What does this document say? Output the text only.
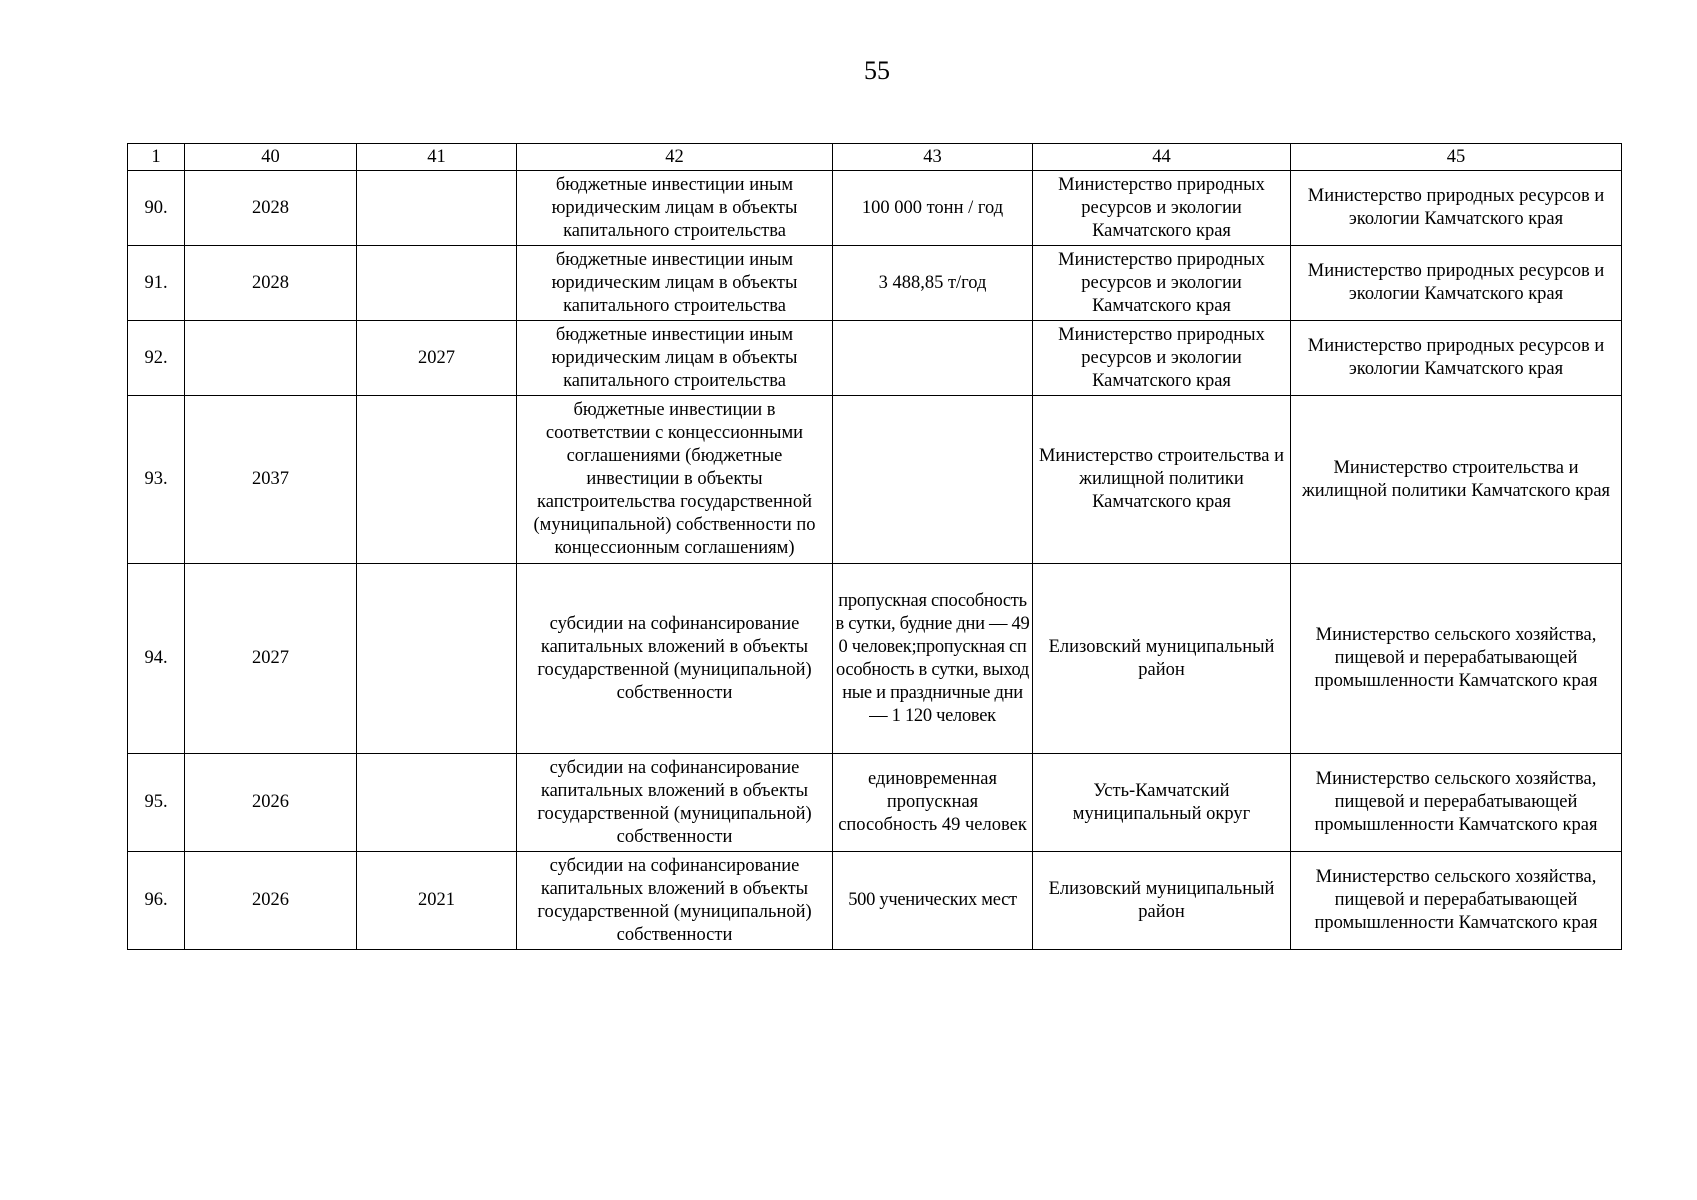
55
1	40	41	42	43	44	45
90.	2028		бюджетные инвестиции иным юридическим лицам в объекты капитального строительства	100 000 тонн / год	Министерство природных ресурсов и экологии Камчатского края	Министерство природных ресурсов и экологии Камчатского края
91.	2028		бюджетные инвестиции иным юридическим лицам в объекты капитального строительства	3 488,85 т/год	Министерство природных ресурсов и экологии Камчатского края	Министерство природных ресурсов и экологии Камчатского края
92.		2027	бюджетные инвестиции иным юридическим лицам в объекты капитального строительства		Министерство природных ресурсов и экологии Камчатского края	Министерство природных ресурсов и экологии Камчатского края
93.	2037		бюджетные инвестиции в соответствии с концессионными соглашениями (бюджетные инвестиции в объекты капстроительства государственной (муниципальной) собственности по концессионным соглашениям)		Министерство строительства и жилищной политики Камчатского края	Министерство строительства и жилищной политики Камчатского края
94.	2027		субсидии на софинансирование капитальных вложений в объекты государственной (муниципальной) собственности	пропускная способность в сутки, будние дни — 490 человек;пропускная способность в сутки, выходные и праздничные дни — 1 120 человек	Елизовский муниципальный район	Министерство сельского хозяйства, пищевой и перерабатывающей промышленности Камчатского края
95.	2026		субсидии на софинансирование капитальных вложений в объекты государственной (муниципальной) собственности	единовременная пропускная способность 49 человек	Усть-Камчатский муниципальный округ	Министерство сельского хозяйства, пищевой и перерабатывающей промышленности Камчатского края
96.	2026	2021	субсидии на софинансирование капитальных вложений в объекты государственной (муниципальной) собственности	500 ученических мест	Елизовский муниципальный район	Министерство сельского хозяйства, пищевой и перерабатывающей промышленности Камчатского края
